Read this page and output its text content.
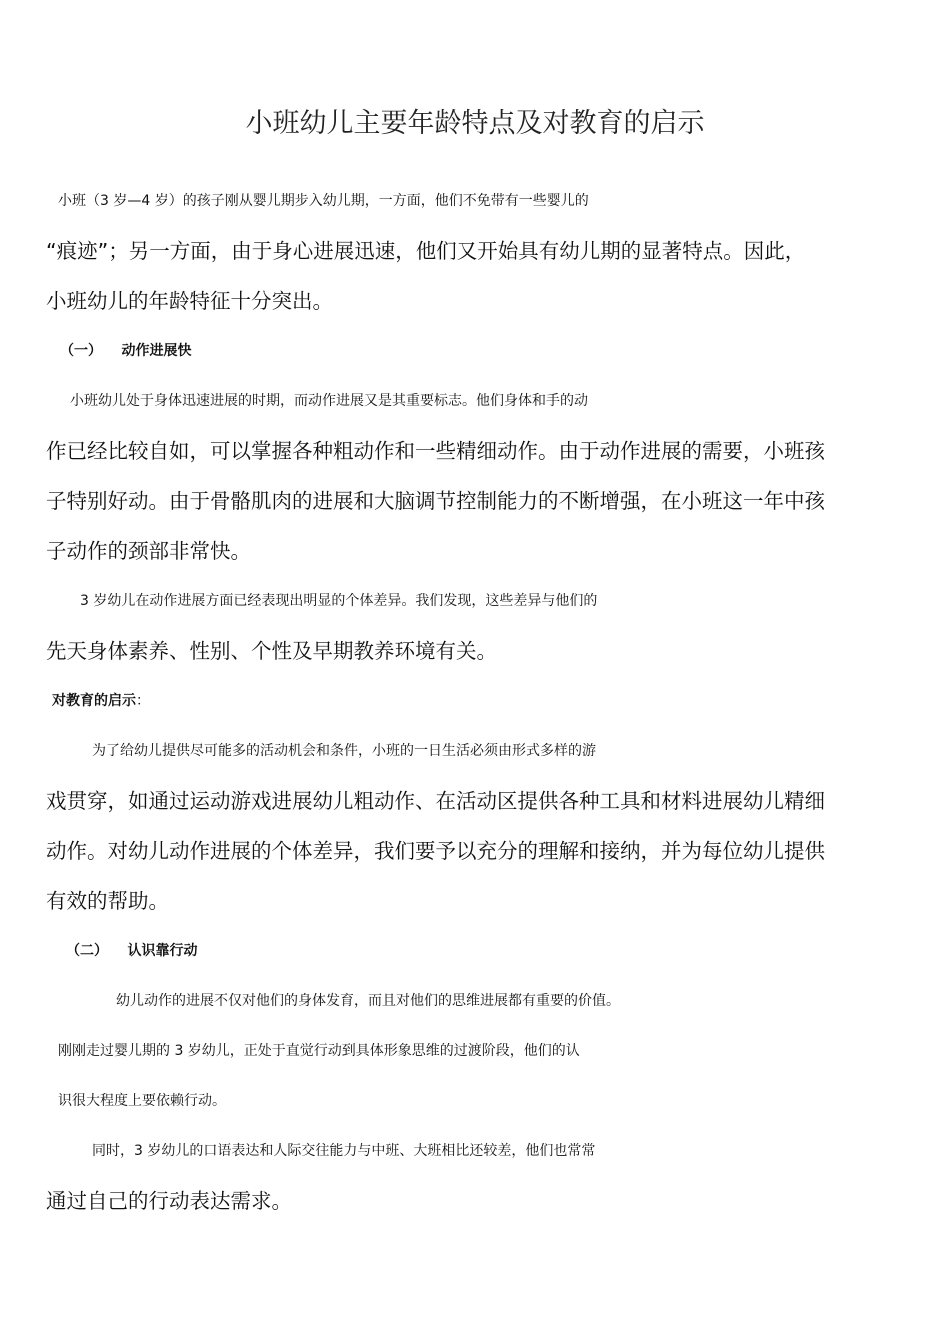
小班幼儿主要年龄特点及对教育的启示
小班（3 岁—4 岁）的孩子刚从婴儿期步入幼儿期，一方面，他们不免带有一些婴儿的
“痕迹”；另一方面，由于身心进展迅速，他们又开始具有幼儿期的显著特点。因此，
小班幼儿的年龄特征十分突出。
（一）    动作进展快
小班幼儿处于身体迅速进展的时期，而动作进展又是其重要标志。他们身体和手的动
作已经比较自如，可以掌握各种粗动作和一些精细动作。由于动作进展的需要，小班孩
子特别好动。由于骨骼肌肉的进展和大脑调节控制能力的不断增强，在小班这一年中孩
子动作的颈部非常快。
3 岁幼儿在动作进展方面已经表现出明显的个体差异。我们发现，这些差异与他们的
先天身体素养、性别、个性及早期教养环境有关。
对教育的启示：
为了给幼儿提供尽可能多的活动机会和条件，小班的一日生活必须由形式多样的游
戏贯穿，如通过运动游戏进展幼儿粗动作、在活动区提供各种工具和材料进展幼儿精细
动作。对幼儿动作进展的个体差异，我们要予以充分的理解和接纳，并为每位幼儿提供
有效的帮助。
（二）    认识靠行动
幼儿动作的进展不仅对他们的身体发育，而且对他们的思维进展都有重要的价值。
刚刚走过婴儿期的 3 岁幼儿，正处于直觉行动到具体形象思维的过渡阶段，他们的认
识很大程度上要依赖行动。
同时，3 岁幼儿的口语表达和人际交往能力与中班、大班相比还较差，他们也常常
通过自己的行动表达需求。
